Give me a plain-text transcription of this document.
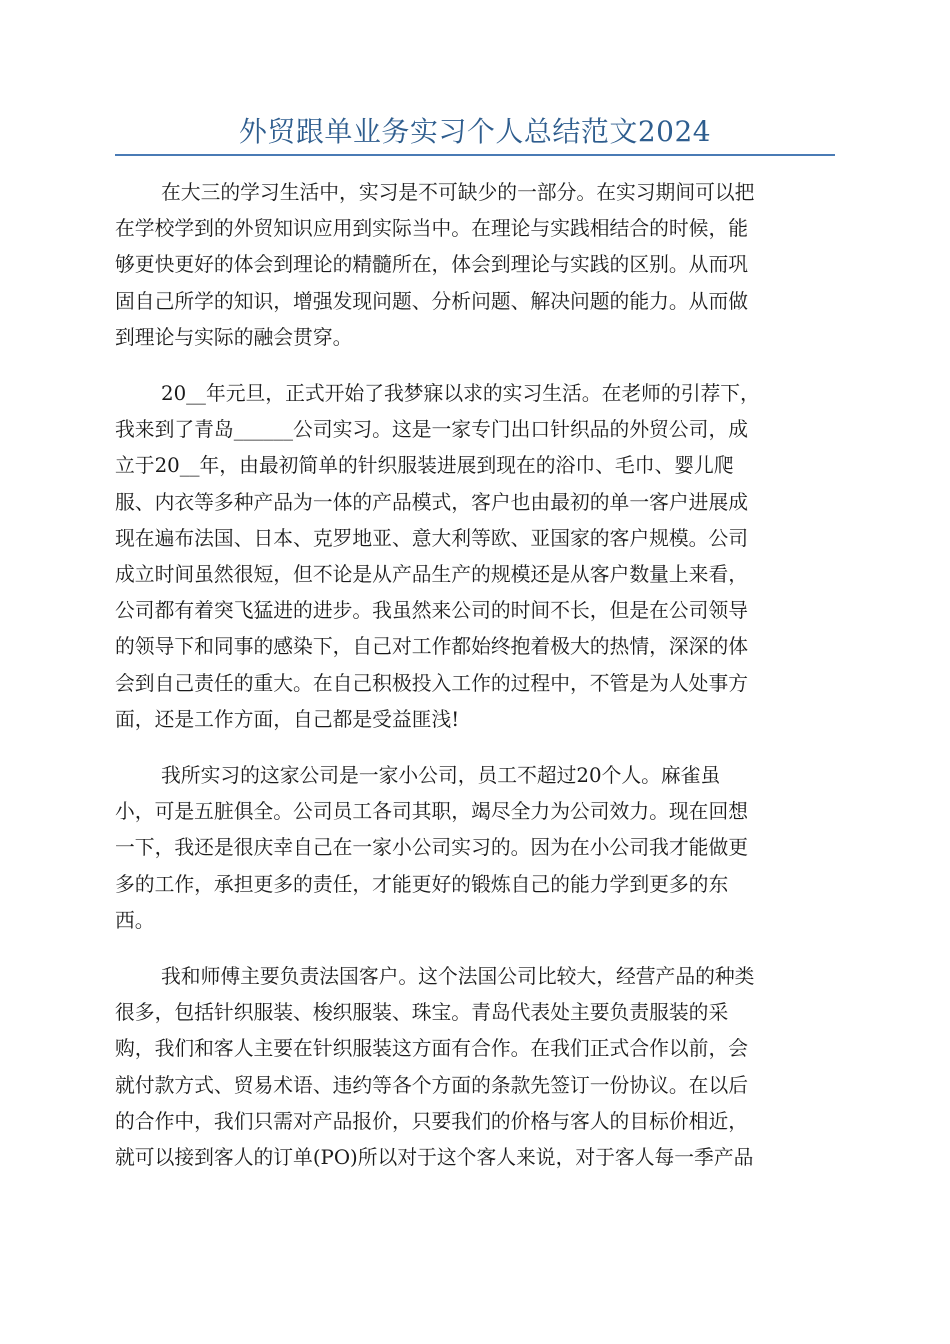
外贸跟单业务实习个人总结范文2024

在大三的学习生活中，实习是不可缺少的一部分。在实习期间可以把
在学校学到的外贸知识应用到实际当中。在理论与实践相结合的时候，能
够更快更好的体会到理论的精髓所在，体会到理论与实践的区别。从而巩
固自己所学的知识，增强发现问题、分析问题、解决问题的能力。从而做
到理论与实际的融会贯穿。

20__年元旦，正式开始了我梦寐以求的实习生活。在老师的引荐下，
我来到了青岛______公司实习。这是一家专门出口针织品的外贸公司，成
立于20__年，由最初简单的针织服装进展到现在的浴巾、毛巾、婴儿爬
服、内衣等多种产品为一体的产品模式，客户也由最初的单一客户进展成
现在遍布法国、日本、克罗地亚、意大利等欧、亚国家的客户规模。公司
成立时间虽然很短，但不论是从产品生产的规模还是从客户数量上来看，
公司都有着突飞猛进的进步。我虽然来公司的时间不长，但是在公司领导
的领导下和同事的感染下，自己对工作都始终抱着极大的热情，深深的体
会到自己责任的重大。在自己积极投入工作的过程中，不管是为人处事方
面，还是工作方面，自己都是受益匪浅!

我所实习的这家公司是一家小公司，员工不超过20个人。麻雀虽
小，可是五脏俱全。公司员工各司其职，竭尽全力为公司效力。现在回想
一下，我还是很庆幸自己在一家小公司实习的。因为在小公司我才能做更
多的工作，承担更多的责任，才能更好的锻炼自己的能力学到更多的东
西。

我和师傅主要负责法国客户。这个法国公司比较大，经营产品的种类
很多，包括针织服装、梭织服装、珠宝。青岛代表处主要负责服装的采
购，我们和客人主要在针织服装这方面有合作。在我们正式合作以前，会
就付款方式、贸易术语、违约等各个方面的条款先签订一份协议。在以后
的合作中，我们只需对产品报价，只要我们的价格与客人的目标价相近，
就可以接到客人的订单(PO)所以对于这个客人来说，对于客人每一季产品
